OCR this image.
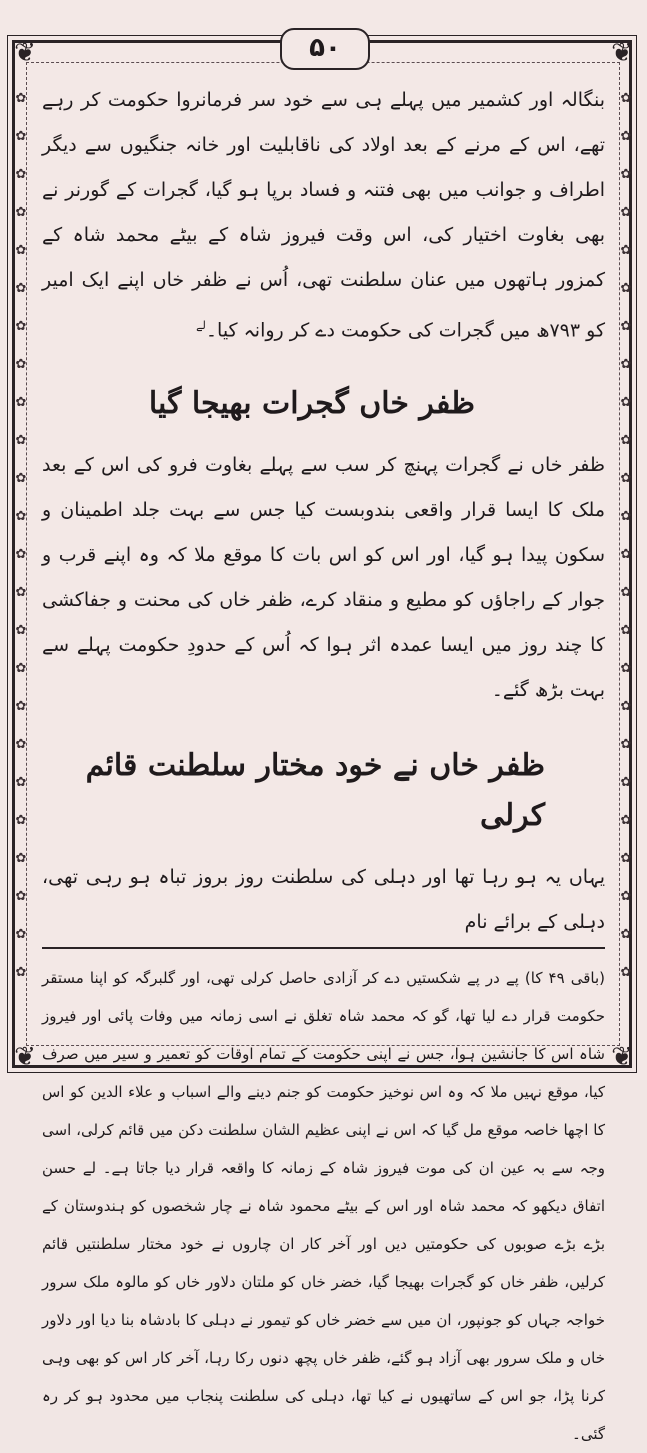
❦	❦
❦	❦
✿
✿
✿
✿
✿
✿
✿
✿
✿
✿
✿
✿
✿
✿
✿
✿
✿
✿
✿
✿
✿
✿
✿
✿

✿
✿
✿
✿
✿
✿
✿
✿
✿
✿
✿
✿
✿
✿
✿
✿
✿
✿
✿
✿
✿
✿
✿
✿

۵۰

بنگالہ اور کشمیر میں پہلے ہی سے خود سر فرمانروا حکومت کر رہے تھے، اس کے مرنے کے بعد اولاد کی ناقابلیت اور خانہ جنگیوں سے دیگر اطراف و جوانب میں بھی فتنہ و فساد برپا ہو گیا، گجرات کے گورنر نے بھی بغاوت اختیار کی، اس وقت فیروز شاہ کے بیٹے محمد شاہ کے کمزور ہاتھوں میں عنان سلطنت تھی، اُس نے ظفر خاں اپنے ایک امیر کو ۷۹۳ھ میں گجرات کی حکومت دے کر روانہ کیا۔$^{لے}$

ظفر خاں گجرات بھیجا گیا

ظفر خاں نے گجرات پہنچ کر سب سے پہلے بغاوت فرو کی اس کے بعد ملک کا ایسا قرار واقعی بندوبست کیا جس سے بہت جلد اطمینان و سکون پیدا ہو گیا، اور اس کو اس بات کا موقع ملا کہ وہ اپنے قرب و جوار کے راجاؤں کو مطیع و منقاد کرے، ظفر خاں کی محنت و جفاکشی کا چند روز میں ایسا عمدہ اثر ہوا کہ اُس کے حدودِ حکومت پہلے سے بہت بڑھ گئے۔

ظفر خاں نے خود مختار سلطنت قائم کرلی

یہاں یہ ہو رہا تھا اور دہلی کی سلطنت روز بروز تباہ ہو رہی تھی، دہلی کے برائے نام

(باقی ۴۹ کا) پے در پے شکستیں دے کر آزادی حاصل کرلی تھی، اور گلبرگہ کو اپنا مستقر حکومت قرار دے لیا تھا، گو کہ محمد شاہ تغلق نے اسی زمانہ میں وفات پائی اور فیروز شاہ اس کا جانشین ہوا، جس نے اپنی حکومت کے تمام اوقات کو تعمیر و سیر میں صرف کیا، موقع نہیں ملا کہ وہ اس نوخیز حکومت کو جنم دینے والے اسباب و علاء الدین کو اس کا اچھا خاصہ موقع مل گیا کہ اس نے اپنی عظیم الشان سلطنت دکن میں قائم کرلی، اسی وجہ سے بہ عین ان کی موت فیروز شاہ کے زمانہ کا واقعہ قرار دیا جاتا ہے۔ لے حسن اتفاق دیکھو کہ محمد شاہ اور اس کے بیٹے محمود شاہ نے چار شخصوں کو ہندوستان کے بڑے بڑے صوبوں کی حکومتیں دیں اور آخر کار ان چاروں نے خود مختار سلطنتیں قائم کرلیں، ظفر خاں کو گجرات بھیجا گیا، خضر خاں کو ملتان دلاور خاں کو مالوہ ملک سرور خواجہ جہاں کو جونپور، ان میں سے خضر خاں کو تیمور نے دہلی کا بادشاہ بنا دیا اور دلاور خاں و ملک سرور بھی آزاد ہو گئے، ظفر خاں پچھ دنوں رکا رہا، آخر کار اس کو بھی وہی کرنا پڑا، جو اس کے ساتھیوں نے کیا تھا، دہلی کی سلطنت پنجاب میں محدود ہو کر رہ گئی۔
